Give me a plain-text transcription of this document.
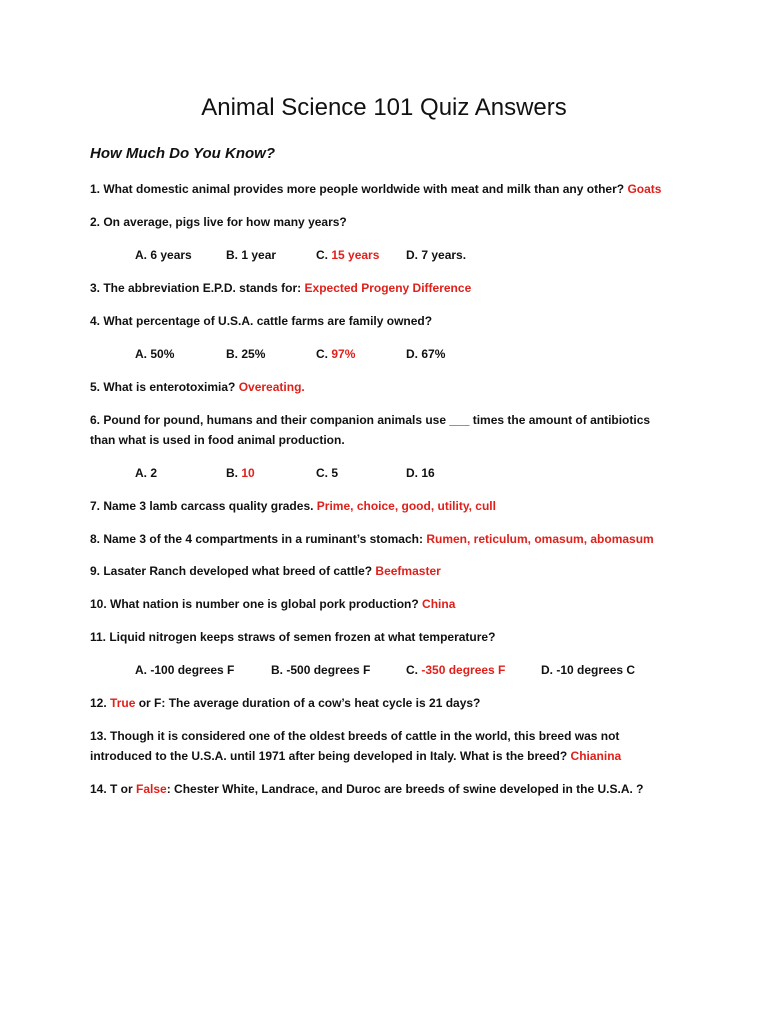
Animal Science 101 Quiz Answers
How Much Do You Know?
1. What domestic animal provides more people worldwide with meat and milk than any other? Goats
2. On average, pigs live for how many years?
A. 6 years	B. 1 year	C. 15 years D. 7 years.
3. The abbreviation E.P.D. stands for: Expected Progeny Difference
4. What percentage of U.S.A. cattle farms are family owned?
A. 50%	B. 25%	C. 97%	D. 67%
5. What is enterotoximia? Overeating.
6. Pound for pound, humans and their companion animals use ___ times the amount of antibiotics
than what is used in food animal production.
A. 2	B. 10	C. 5	D. 16
7. Name 3 lamb carcass quality grades. Prime, choice, good, utility, cull
8. Name 3 of the 4 compartments in a ruminant’s stomach: Rumen, reticulum, omasum, abomasum
9. Lasater Ranch developed what breed of cattle? Beefmaster
10. What nation is number one is global pork production? China
11. Liquid nitrogen keeps straws of semen frozen at what temperature?
A. -100 degrees F	B. -500 degrees F	C. -350 degrees F	D. -10 degrees C
12. True or F: The average duration of a cow’s heat cycle is 21 days?
13. Though it is considered one of the oldest breeds of cattle in the world, this breed was not
introduced to the U.S.A. until 1971 after being developed in Italy. What is the breed? Chianina
14. T or False: Chester White, Landrace, and Duroc are breeds of swine developed in the U.S.A. ?
